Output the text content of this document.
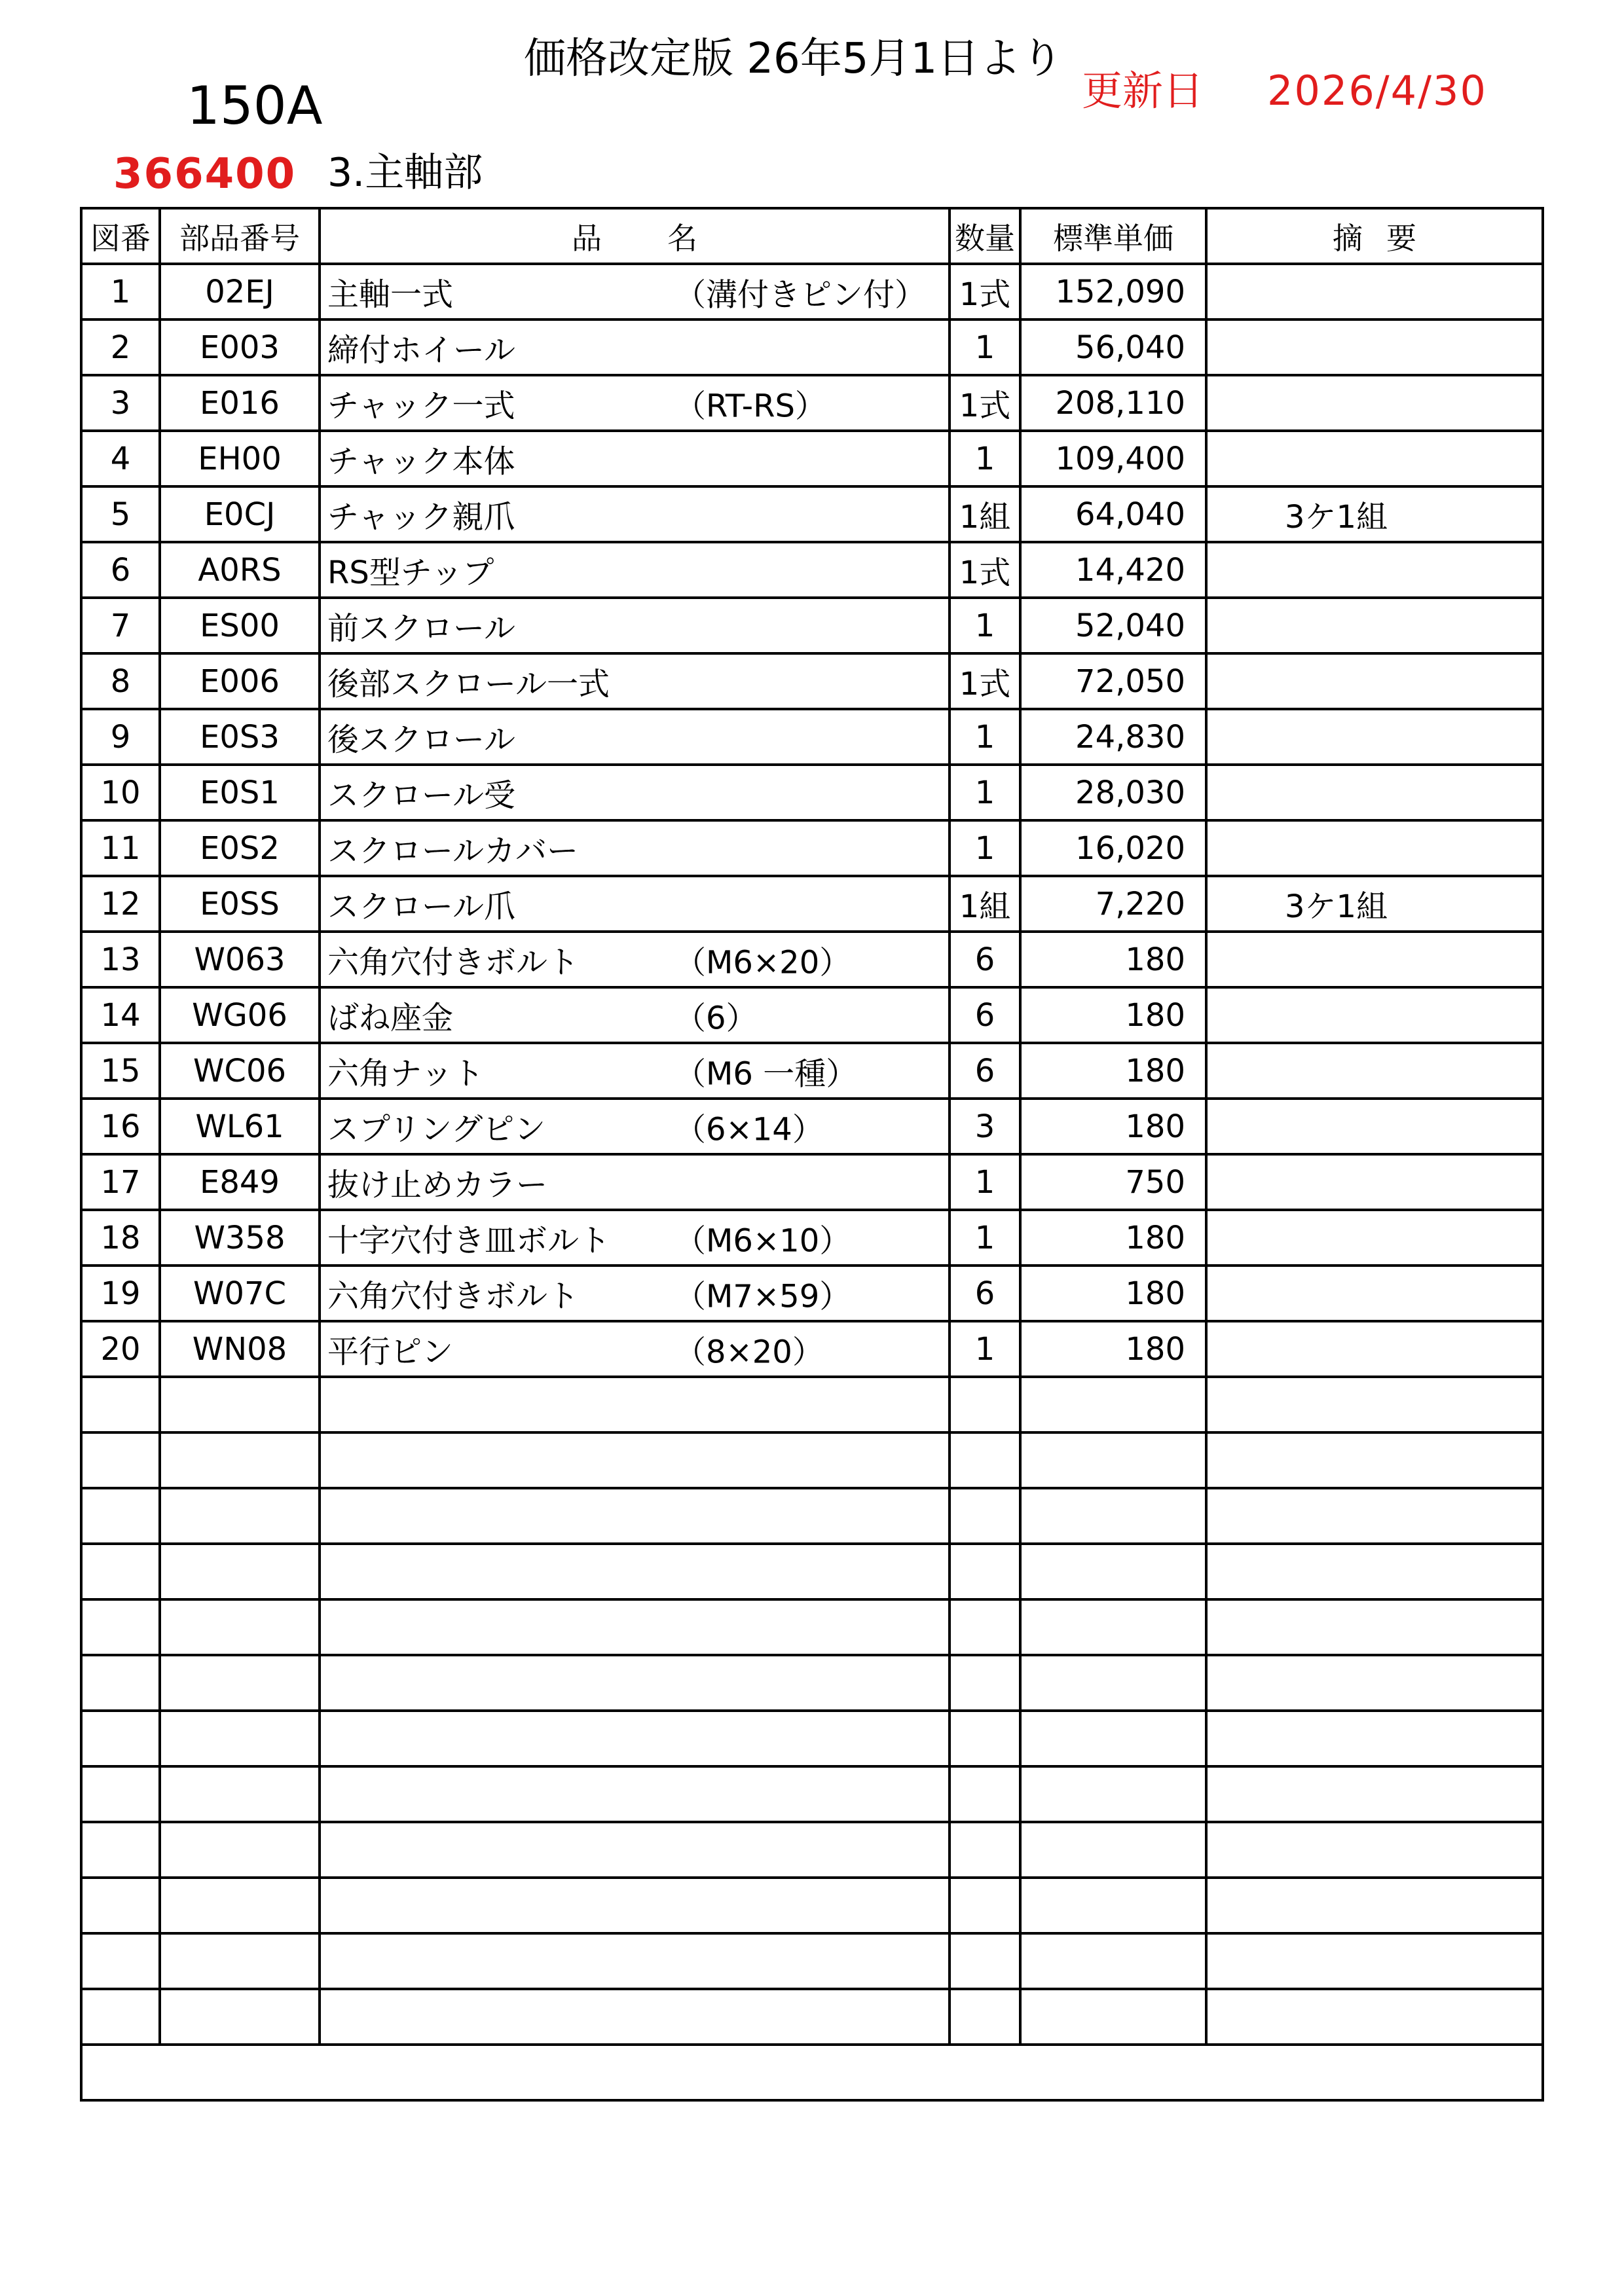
価格改定版 26年5月1日より
更新日 2026/4/30
150A
366400 3.主軸部
図番	部品番号	品 名	数量	標準単価	摘 要
1	02EJ	主軸一式 （溝付きピン付）	1式	152,090	
2	E003	締付ホイール	1	56,040	
3	E016	チャック一式 （RT-RS）	1式	208,110	
4	EH00	チャック本体	1	109,400	
5	E0CJ	チャック親爪	1組	64,040	3ケ1組
6	A0RS	RS型チップ	1式	14,420	
7	ES00	前スクロール	1	52,040	
8	E006	後部スクロール一式	1式	72,050	
9	E0S3	後スクロール	1	24,830	
10	E0S1	スクロール受	1	28,030	
11	E0S2	スクロールカバー	1	16,020	
12	E0SS	スクロール爪	1組	7,220	3ケ1組
13	W063	六角穴付きボルト （M6×20）	6	180	
14	WG06	ばね座金 （6）	6	180	
15	WC06	六角ナット （M6 一種）	6	180	
16	WL61	スプリングピン （6×14）	3	180	
17	E849	抜け止めカラー	1	750	
18	W358	十字穴付き皿ボルト （M6×10）	1	180	
19	W07C	六角穴付きボルト （M7×59）	6	180	
20	WN08	平行ピン （8×20）	1	180	
